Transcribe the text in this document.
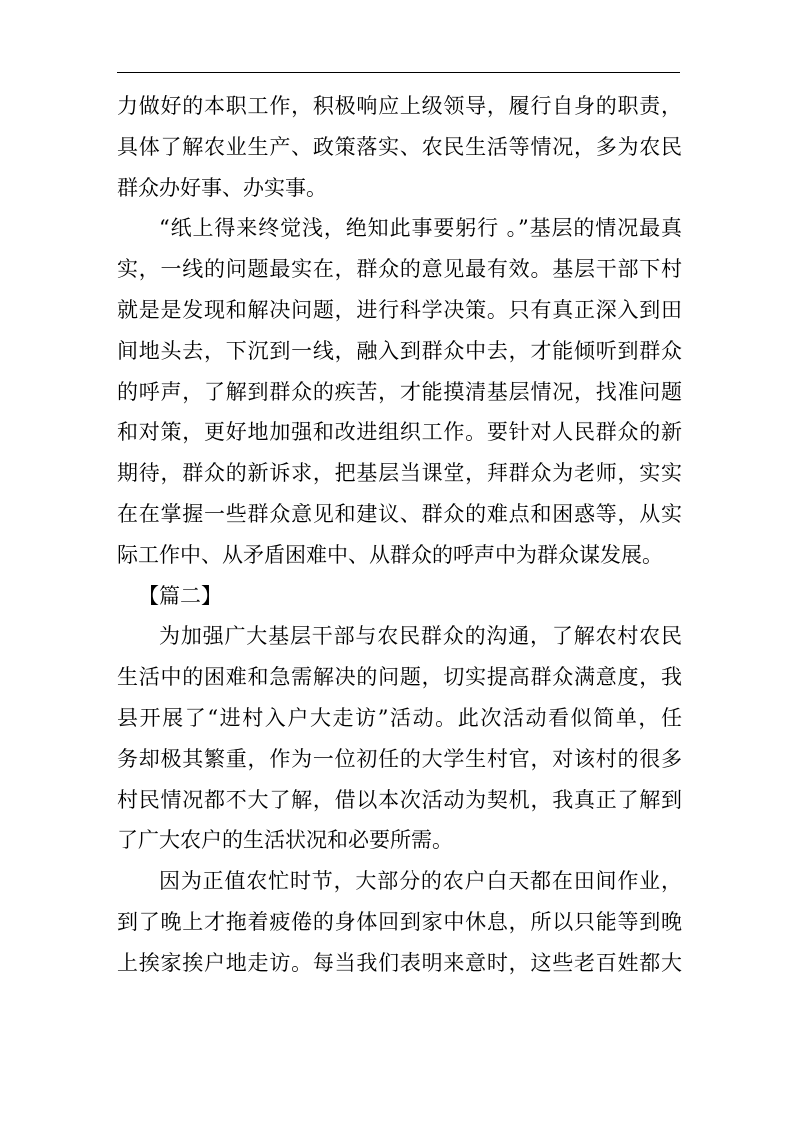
力做好的本职工作，积极响应上级领导，履行自身的职责，
具体了解农业生产、政策落实、农民生活等情况，多为农民
群众办好事、办实事。

“纸上得来终觉浅，绝知此事要躬行 。”基层的情况最真
实，一线的问题最实在，群众的意见最有效。基层干部下村
就是是发现和解决问题，进行科学决策。只有真正深入到田
间地头去，下沉到一线，融入到群众中去，才能倾听到群众
的呼声，了解到群众的疾苦，才能摸清基层情况，找准问题
和对策，更好地加强和改进组织工作。要针对人民群众的新
期待，群众的新诉求，把基层当课堂，拜群众为老师，实实
在在掌握一些群众意见和建议、群众的难点和困惑等，从实
际工作中、从矛盾困难中、从群众的呼声中为群众谋发展。

【篇二】

为加强广大基层干部与农民群众的沟通，了解农村农民
生活中的困难和急需解决的问题，切实提高群众满意度，我
县开展了“进村入户大走访”活动。此次活动看似简单，任
务却极其繁重，作为一位初任的大学生村官，对该村的很多
村民情况都不大了解，借以本次活动为契机，我真正了解到
了广大农户的生活状况和必要所需。

因为正值农忙时节，大部分的农户白天都在田间作业，
到了晚上才拖着疲倦的身体回到家中休息，所以只能等到晚
上挨家挨户地走访。每当我们表明来意时，这些老百姓都大
